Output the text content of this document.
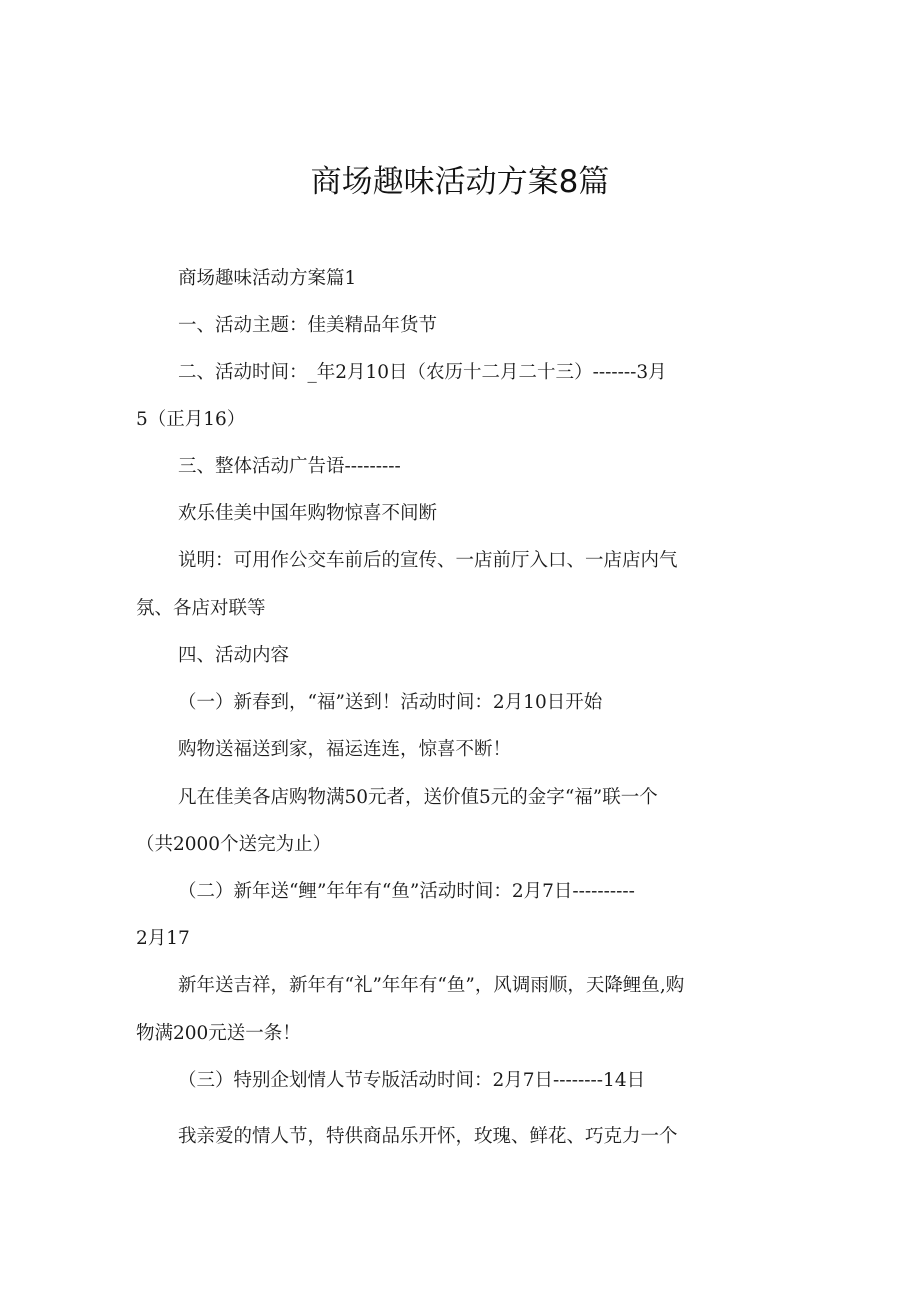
商场趣味活动方案8篇

商场趣味活动方案篇1

一、活动主题：佳美精品年货节

二、活动时间：_年2月10日（农历十二月二十三）-------3月

5（正月16）

三、整体活动广告语---------

欢乐佳美中国年购物惊喜不间断

说明：可用作公交车前后的宣传、一店前厅入口、一店店内气

氛、各店对联等

四、活动内容

（一）新春到，“福”送到！活动时间：2月10日开始

购物送福送到家，福运连连，惊喜不断！

凡在佳美各店购物满50元者，送价值5元的金字“福”联一个

（共2000个送完为止）

（二）新年送“鲤”年年有“鱼”活动时间：2月7日----------

2月17

新年送吉祥，新年有“礼”年年有“鱼”，风调雨顺，天降鲤鱼,购

物满200元送一条！

（三）特别企划情人节专版活动时间：2月7日--------14日

我亲爱的情人节，特供商品乐开怀，玫瑰、鲜花、巧克力一个
